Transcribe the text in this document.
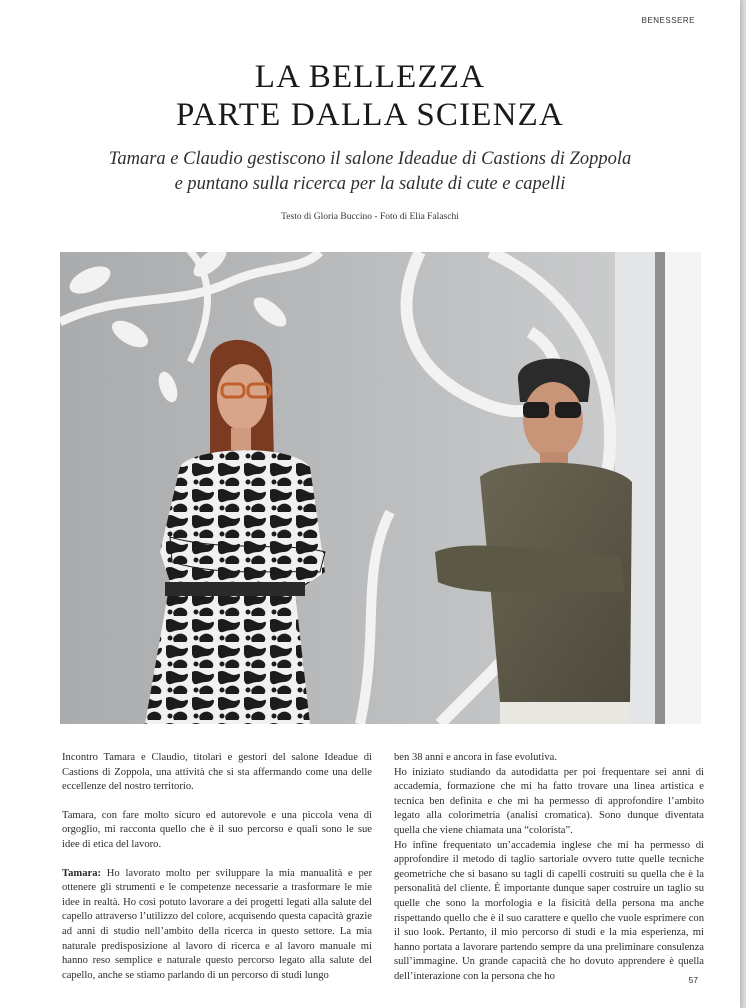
BENESSERE
LA BELLEZZA
PARTE DALLA SCIENZA
Tamara e Claudio gestiscono il salone Ideadue di Castions di Zoppola
e puntano sulla ricerca per la salute di cute e capelli
Testo di Gloria Buccino - Foto di Elia Falaschi

Incontro Tamara e Claudio, titolari e gestori del salone Ideadue di Castions di Zoppola, una attività che si sta affermando come una delle eccellenze del nostro territorio.

Tamara, con fare molto sicuro ed autorevole e una piccola vena di orgoglio, mi racconta quello che è il suo percorso e quali sono le sue idee di etica del lavoro.

Tamara: Ho lavorato molto per sviluppare la mia manualità e per ottenere gli strumenti e le competenze necessarie a trasformare le mie idee in realtà. Ho così potuto lavorare a dei progetti legati alla salute del capello attraverso l’utilizzo del colore, acquisendo questa capacità grazie ad anni di studio nell’ambito della ricerca in questo settore. La mia naturale predisposizione al lavoro di ricerca e al lavoro manuale mi hanno reso semplice e naturale questo percorso legato alla salute del capello, anche se stiamo parlando di un percorso di studi lungo

ben 38 anni e ancora in fase evolutiva.

Ho iniziato studiando da autodidatta per poi frequentare sei anni di accademia, formazione che mi ha fatto trovare una linea artistica e tecnica ben definita e che mi ha permesso di approfondire l’ambito legato alla colorimetria (analisi cromatica). Sono dunque diventata quella che viene chiamata una “colorista”.

Ho infine frequentato un’accademia inglese che mi ha permesso di approfondire il metodo di taglio sartoriale ovvero tutte quelle tecniche geometriche che si basano su tagli di capelli costruiti su quella che è la personalità del cliente. È importante dunque saper costruire un taglio su quelle che sono la morfologia e la fisicità della persona ma anche rispettando quello che è il suo carattere e quello che vuole esprimere con il suo look. Pertanto, il mio percorso di studi e la mia esperienza, mi hanno portata a lavorare partendo sempre da una preliminare consulenza sull’immagine. Un grande capacità che ho dovuto apprendere è quella dell’interazione con la persona che ho	57
